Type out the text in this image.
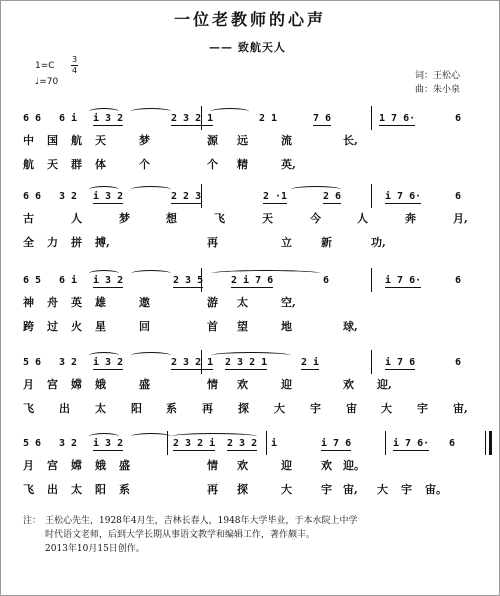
一位老教师的心声
—— 致航天人
1=C
3
4
♩=70
词：王松心
曲：朱小泉
6 6 6 i i 3 2	2 3 2 1	2 1	7 6	1 7 6·	6
中 国 航 天	梦	源 远	流	长,
航 天 群 体	个	个 精	英,
6 6 3 2 i 3 2	2 2 3	2 ·1	2 6	i 7 6·	6
古	人	梦	想	飞	天	今	人	奔	月,
全 力 拼 搏,	再	立	新	功,
6 5 6 i i 3 2	2 3 5	2 i 7 6	6	i 7 6·	6
神 舟 英 雄	遨	游 太	空,
跨 过 火 星	回	首 望	地	球,
5 6 3 2 i 3 2	2 3 2 1 2 3 2 1	2 i	i 7 6	6
月 宫 嫦 娥	盛	情 欢	迎	欢 迎,
飞 出 太 阳 系 再 探 大 宇 宙 大 宇 宙,
5 6 3 2 i 3 2	2 3 2 i 2 3 2 i	i 7 6	i 7 6· 6
月 宫 嫦 娥 盛	情 欢	迎	欢 迎。
飞 出 太 阳 系	再 探	大	宇 宙, 大 宇 宙。
注： 王松心先生，1928年4月生，吉林长春人，1948年大学毕业，于本水院上中学
时代语文老师，后到大学长期从事语文教学和编辑工作，著作颇丰。
2013年10月15日创作。
